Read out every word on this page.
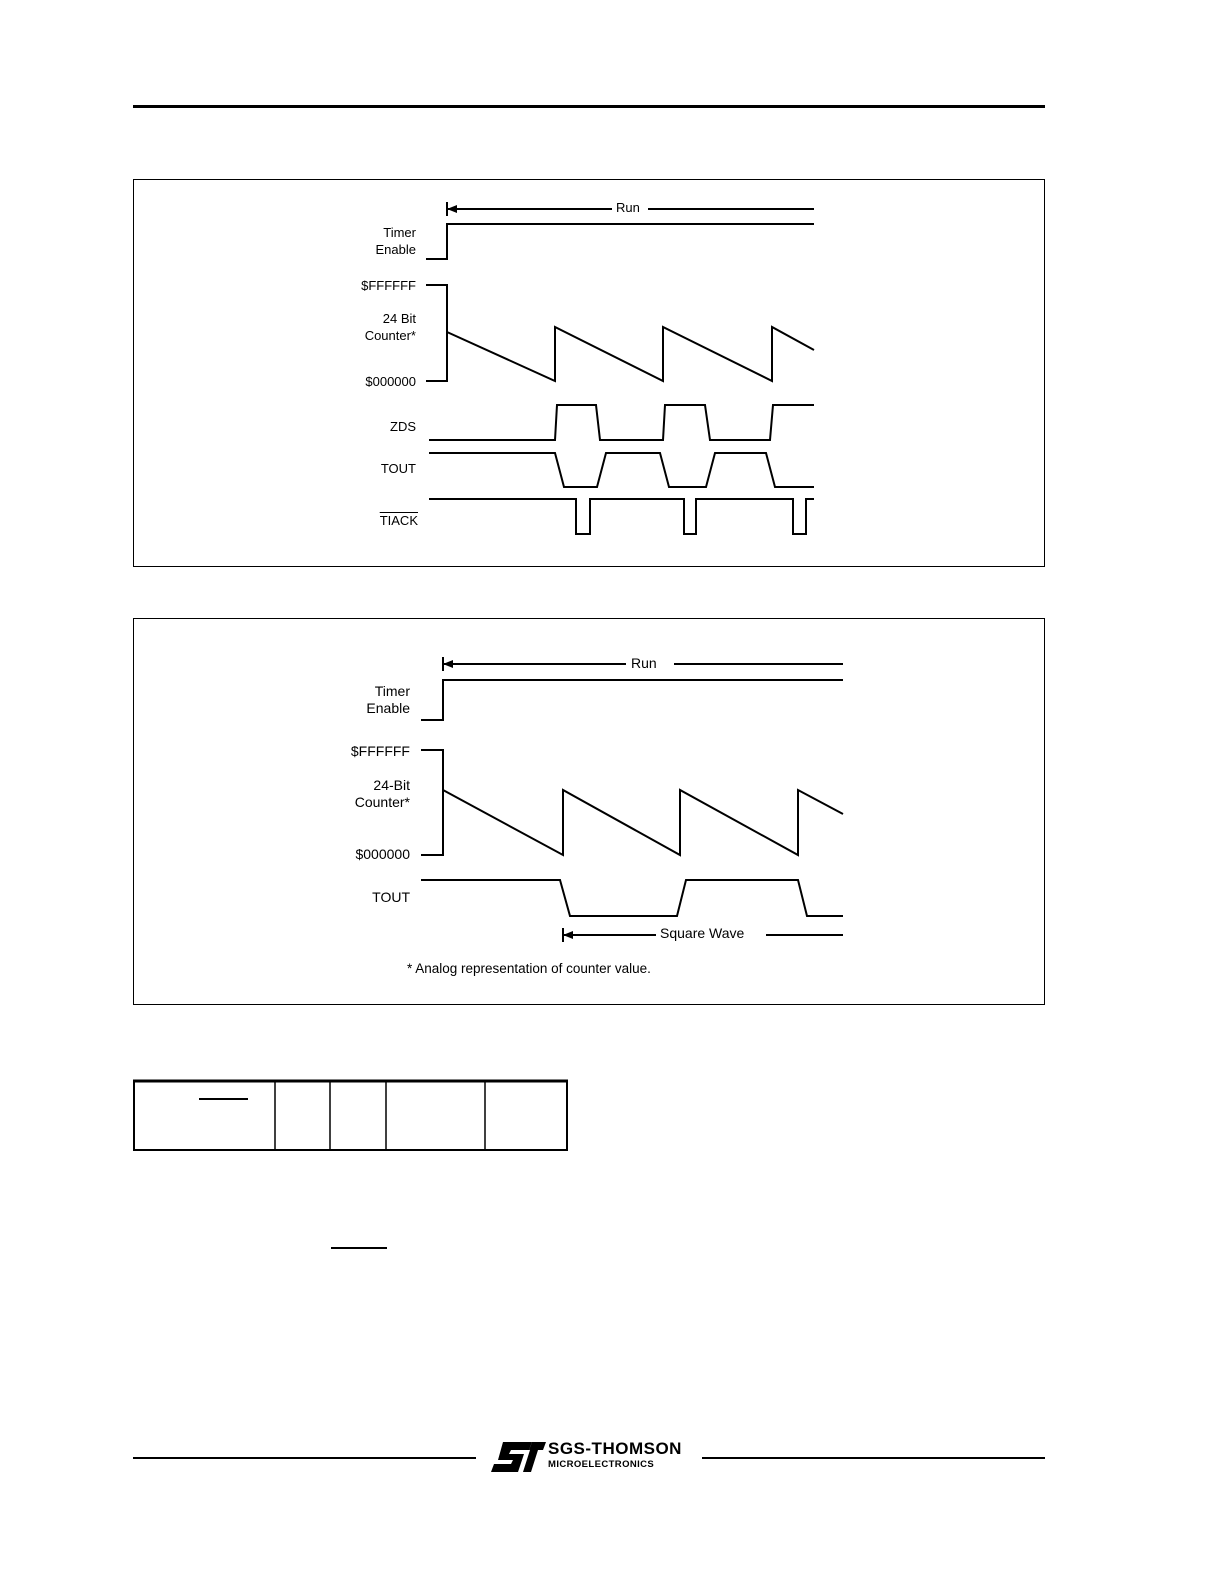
Timer
Enable
$FFFFFF
24 Bit
Counter*
$000000
ZDS
TOUT
TIACK
Run
Timer
Enable
$FFFFFF
24-Bit
Counter*
$000000
TOUT
Run
Square Wave
* Analog representation of counter value.
SGS-THOMSON
MICROELECTRONICS
